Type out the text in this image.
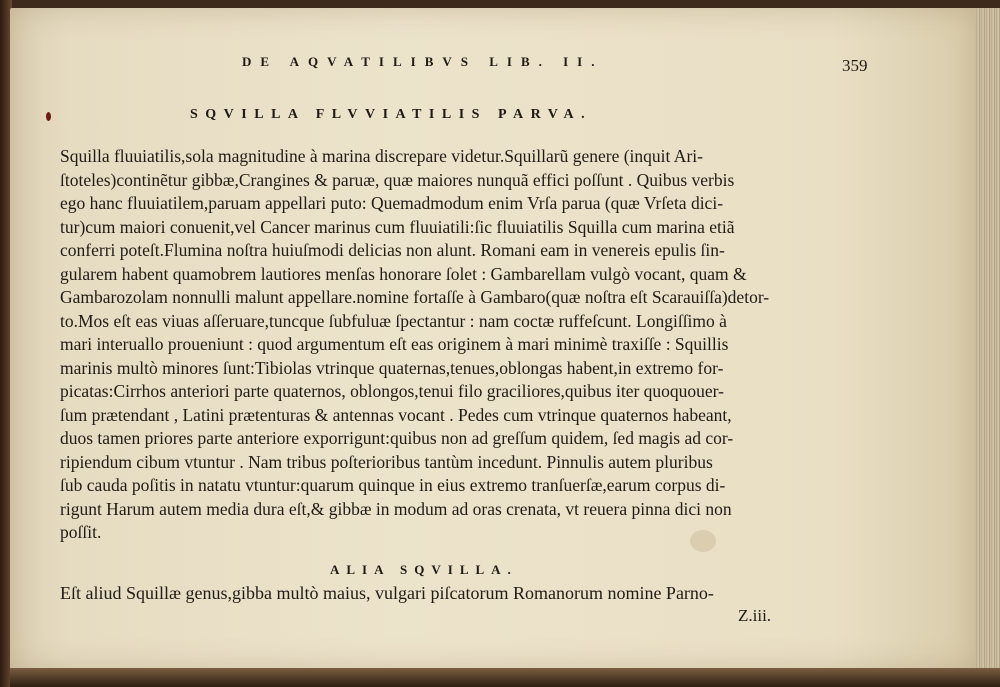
DE AQVATILIBVS LIB. II.	359
SQVILLA FLVVIATILIS PARVA.
Squilla fluuiatilis,sola magnitudine à marina discrepare videtur.Squillarũ genere (inquit Ari-
ſtoteles)continẽtur gibbæ,Crangines & paruæ, quæ maiores nunquã effici poſſunt . Quibus verbis
ego hanc fluuiatilem,paruam appellari puto: Quemadmodum enim Vrſa parua (quæ Vrſeta dici-
tur)cum maiori conuenit,vel Cancer marinus cum fluuiatili:ſic fluuiatilis Squilla cum marina etiã
conferri poteſt.Flumina noſtra huiuſmodi delicias non alunt. Romani eam in venereis epulis ſin-
gularem habent quamobrem lautiores menſas honorare ſolet : Gambarellam vulgò vocant, quam &
Gambarozolam nonnulli malunt appellare.nomine fortaſſe à Gambaro(quæ noſtra eſt Scarauiſſa)detor-
to.Mos eſt eas viuas aſſeruare,tuncque ſubfuluæ ſpectantur : nam coctæ ruffeſcunt. Longiſſimo à
mari interuallo proueniunt : quod argumentum eſt eas originem à mari minimè traxiſſe : Squillis
marinis multò minores ſunt:Tibiolas vtrinque quaternas,tenues,oblongas habent,in extremo for-
picatas:Cirrhos anteriori parte quaternos, oblongos,tenui filo graciliores,quibus iter quoquouer-
ſum prætendant , Latini prætenturas & antennas vocant . Pedes cum vtrinque quaternos habeant,
duos tamen priores parte anteriore exporrigunt:quibus non ad greſſum quidem, ſed magis ad cor-
ripiendum cibum vtuntur . Nam tribus poſterioribus tantùm incedunt. Pinnulis autem pluribus
ſub cauda poſitis in natatu vtuntur:quarum quinque in eius extremo tranſuerſæ,earum corpus di-
rigunt Harum autem media dura eſt,& gibbæ in modum ad oras crenata, vt reuera pinna dici non
poſſit.
ALIA SQVILLA.
Eſt aliud Squillæ genus,gibba multò maius, vulgari piſcatorum Romanorum nomine Parno-
Z.iii.
